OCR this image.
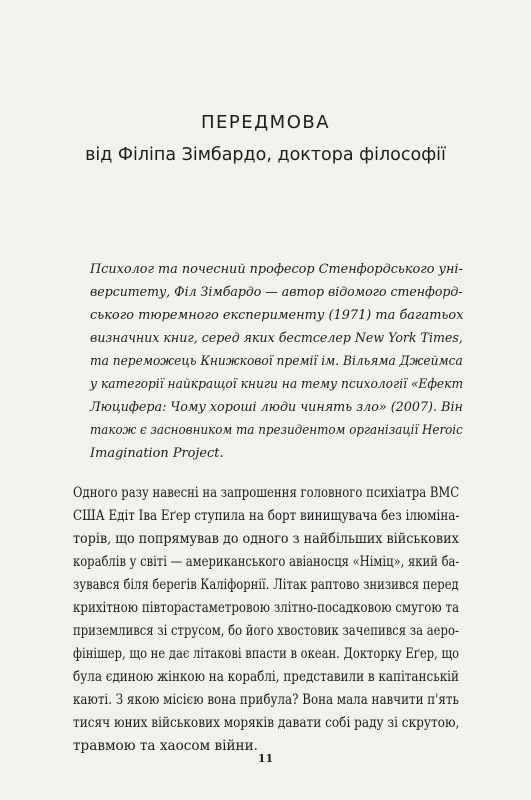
ПЕРЕДМОВА
від Філіпа Зімбардо, доктора філософії
Психолог та почесний професор Стенфордського уні-
верситету, Філ Зімбардо — автор відомого стенфорд-
ського тюремного експерименту (1971) та багатьох
визначних книг, серед яких бестселер New York Times,
та переможець Книжкової премії ім. Вільяма Джеймса
у категорії найкращої книги на тему психології «Ефект
Люцифера: Чому хороші люди чинять зло» (2007). Він
також є засновником та президентом організації Heroic
Imagination Project.
Одного разу навесні на запрошення головного психіатра ВМС
США Едіт Іва Еґер ступила на борт винищувача без ілюміна-
торів, що попрямував до одного з найбільших військових
кораблів у світі — американського авіаносця «Німіц», який ба-
зувався біля берегів Каліфорнії. Літак раптово знизився перед
крихітною півторастаметровою злітно-посадковою смугою та
приземлився зі струсом, бо його хвостовик зачепився за аеро-
фінішер, що не дає літакові впасти в океан. Докторку Еґер, що
була єдиною жінкою на кораблі, представили в капітанській
каюті. З якою місією вона прибула? Вона мала навчити п'ять
тисяч юних військових моряків давати собі раду зі скрутою,
травмою та хаосом війни.
11
